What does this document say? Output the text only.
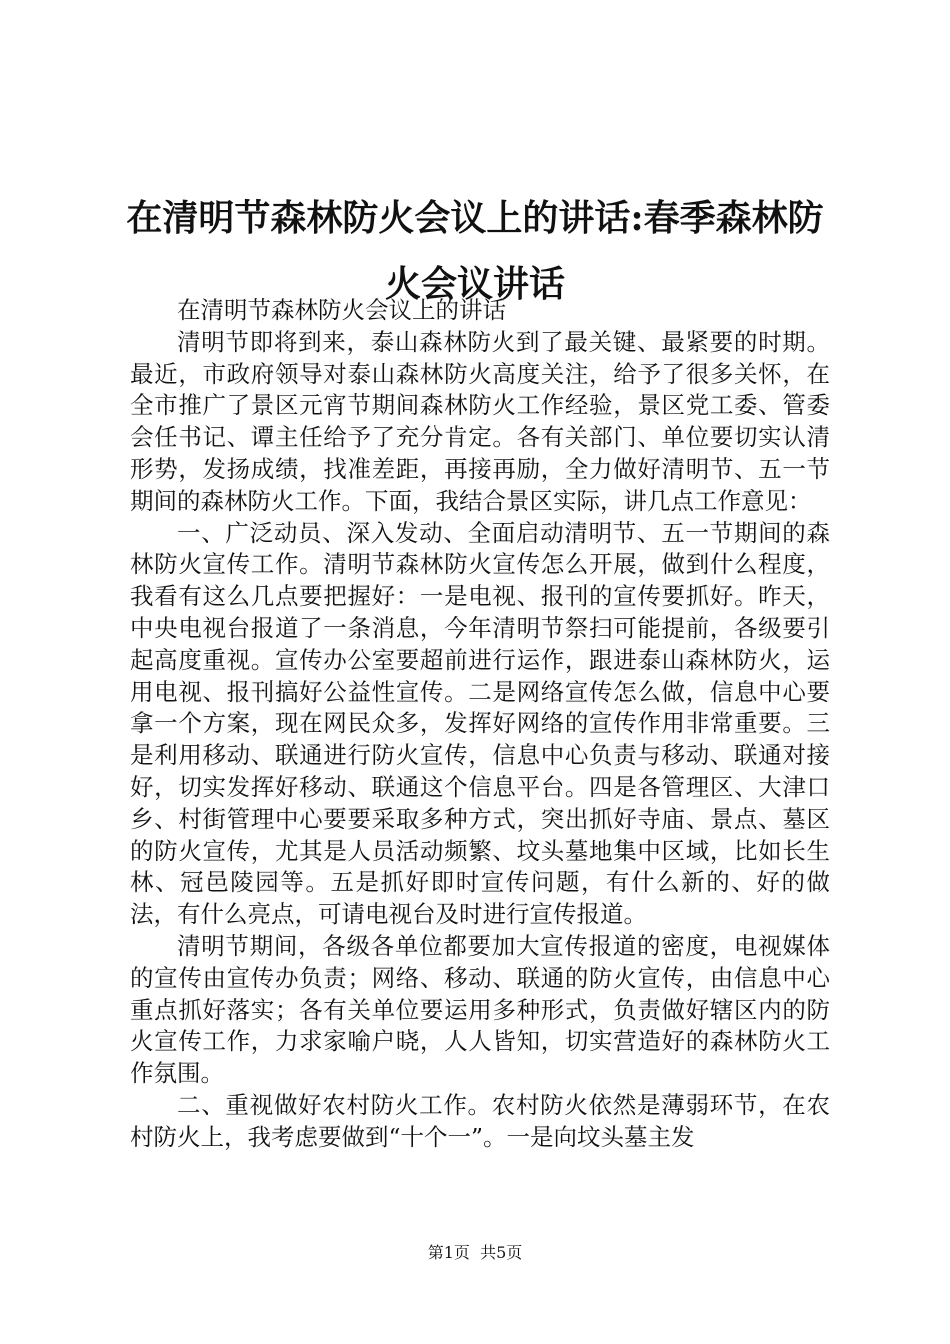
在清明节森林防火会议上的讲话:春季森林防火会议讲话

在清明节森林防火会议上的讲话

清明节即将到来，泰山森林防火到了最关键、最紧要的时期。最近，市政府领导对泰山森林防火高度关注，给予了很多关怀，在全市推广了景区元宵节期间森林防火工作经验，景区党工委、管委会任书记、谭主任给予了充分肯定。各有关部门、单位要切实认清形势，发扬成绩，找准差距，再接再励，全力做好清明节、五一节期间的森林防火工作。下面，我结合景区实际，讲几点工作意见：

一、广泛动员、深入发动、全面启动清明节、五一节期间的森林防火宣传工作。清明节森林防火宣传怎么开展，做到什么程度，我看有这么几点要把握好：一是电视、报刊的宣传要抓好。昨天，中央电视台报道了一条消息，今年清明节祭扫可能提前，各级要引起高度重视。宣传办公室要超前进行运作，跟进泰山森林防火，运用电视、报刊搞好公益性宣传。二是网络宣传怎么做，信息中心要拿一个方案，现在网民众多，发挥好网络的宣传作用非常重要。三是利用移动、联通进行防火宣传，信息中心负责与移动、联通对接好，切实发挥好移动、联通这个信息平台。四是各管理区、大津口乡、村街管理中心要要采取多种方式，突出抓好寺庙、景点、墓区的防火宣传，尤其是人员活动频繁、坟头墓地集中区域，比如长生林、冠邑陵园等。五是抓好即时宣传问题，有什么新的、好的做法，有什么亮点，可请电视台及时进行宣传报道。

清明节期间，各级各单位都要加大宣传报道的密度，电视媒体的宣传由宣传办负责；网络、移动、联通的防火宣传，由信息中心重点抓好落实；各有关单位要运用多种形式，负责做好辖区内的防火宣传工作，力求家喻户晓，人人皆知，切实营造好的森林防火工作氛围。

二、重视做好农村防火工作。农村防火依然是薄弱环节，在农村防火上，我考虑要做到“十个一”。一是向坟头墓主发

第1页 共5页
